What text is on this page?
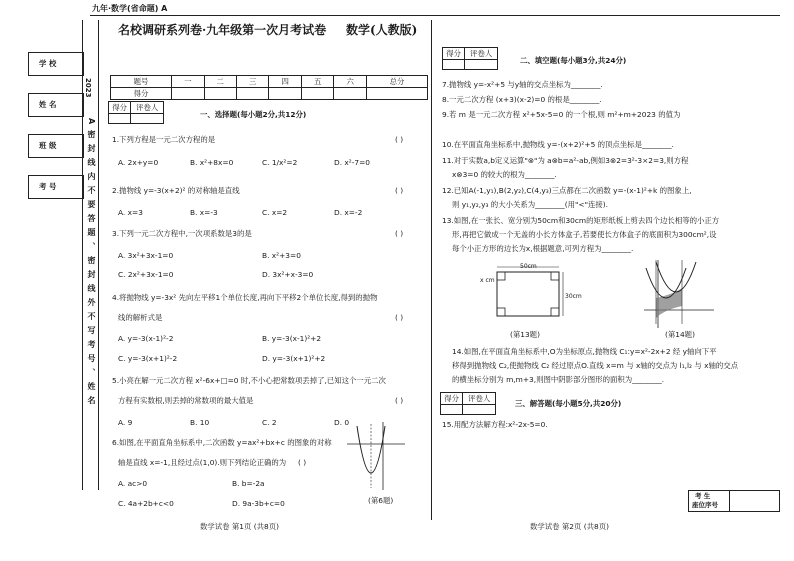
九年·数学(省命题) A
学 校
姓 名
班 级
考 号
2023
A密封线内不要答题、密封线外不写考号、姓名
名校调研系列卷·九年级第一次月考试卷 数学(人教版)
题号	一	二	三	四	五	六	总分
得分							
得分	评卷人

一、选择题(每小题2分,共12分)
1.下列方程是一元二次方程的是	( )
A. 2x+y=0	B. x²+8x=0	C. 1/x²=2	D. x²-7=0
2.抛物线 y=-3(x+2)² 的对称轴是直线	( )
A. x=3	B. x=-3	C. x=2	D. x=-2
3.下列一元二次方程中,一次项系数是3的是	( )
A. 3x²+3x-1=0	B. x²+3=0
C. 2x²+3x-1=0	D. 3x²+x-3=0
4.将抛物线 y=-3x² 先向左平移1个单位长度,再向下平移2个单位长度,得到的抛物
线的解析式是	( )
A. y=-3(x-1)²-2	B. y=-3(x-1)²+2
C. y=-3(x+1)²-2	D. y=-3(x+1)²+2
5.小亮在解一元二次方程 x²-6x+□=0 时,不小心把常数项丢掉了,已知这个一元二次
方程有实数根,则丢掉的常数项的最大值是	( )
A. 9	B. 10	C. 2	D. 0
6.如图,在平面直角坐标系中,二次函数 y=ax²+bx+c 的图象的对称
轴是直线 x=-1,且经过点(1,0).则下列结论正确的为 ( )
A. ac>0	B. b=-2a
C. 4a+2b+c<0	D. 9a-3b+c=0	(第6题)
数学试卷 第1页 (共8页)
得分	评卷人

二、填空题(每小题3分,共24分)
7.抛物线 y=-x²+5 与y轴的交点坐标为________.
8.一元二次方程 (x+3)(x-2)=0 的根是________.
9.若 m 是一元二次方程 x²+5x-5=0 的一个根,则 m²+m+2023 的值为
10.在平面直角坐标系中,抛物线 y=-(x+2)²+5 的顶点坐标是________.
11.对于实数a,b定义运算"⊗"为 a⊗b=a²-ab,例如3⊗2=3²-3×2=3,则方程
x⊗3=0 的较大的根为________.
12.已知A(-1,y₁),B(2,y₂),C(4,y₃)三点都在二次函数 y=-(x-1)²+k 的图象上,
则 y₁,y₂,y₃ 的大小关系为________(用"<"连接).
13.如图,在一张长、宽分别为50cm和30cm的矩形纸板上剪去四个边长相等的小正方
形,再把它做成一个无盖的小长方体盒子,若要使长方体盒子的底面积为300cm²,设
每个小正方形的边长为x,根据题意,可列方程为________.
50cm
30cm
x cm
(第13题)	(第14题)
14.如图,在平面直角坐标系中,O为坐标原点,抛物线 C₁:y=x²-2x+2 经 y轴向下平
移得到抛物线 C₂,使抛物线 C₂ 经过原点O.直线 x=m 与 x轴的交点为 l₁,l₂ 与 x轴的交点
的横坐标分别为 m,m+3,则图中阴影部分图形的面积为________.
得分	评卷人

三、解答题(每小题5分,共20分)
15.用配方法解方程:x²-2x-5=0.
考 生
座位序号
数学试卷 第2页 (共8页)
